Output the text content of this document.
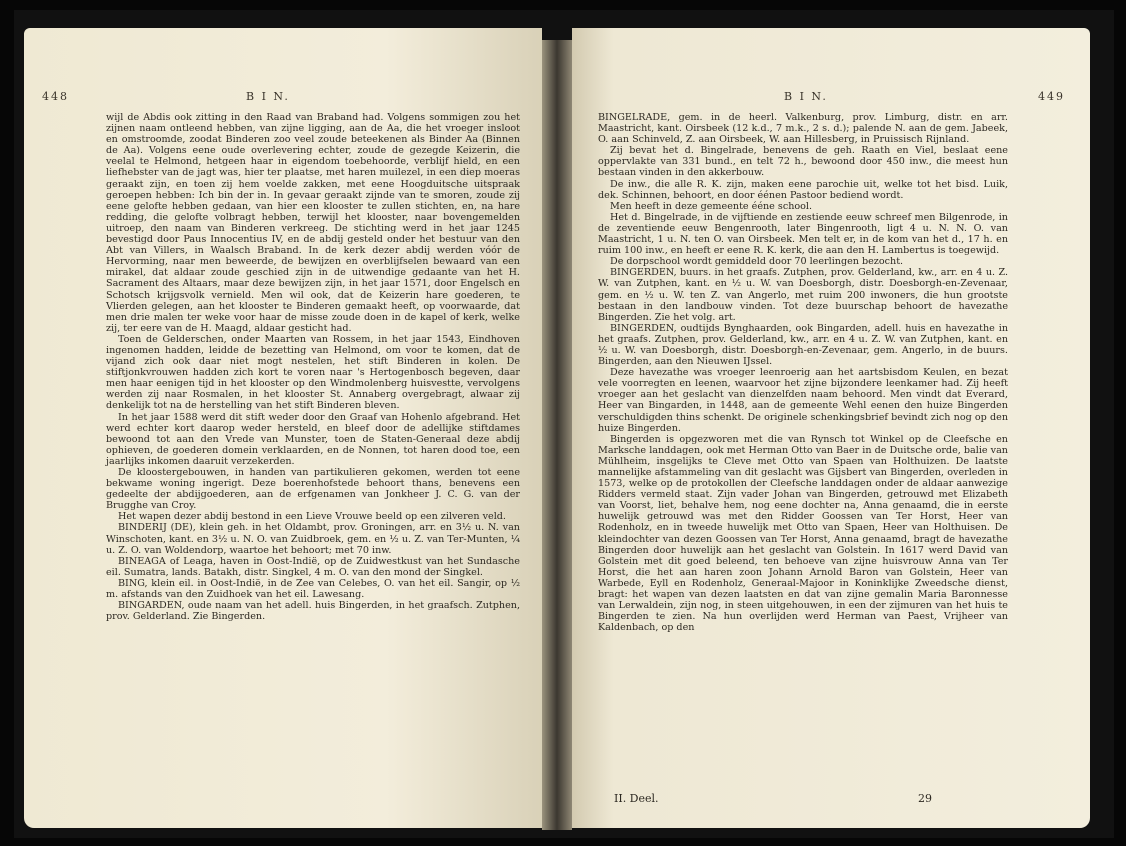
448	B I N.

wijl de Abdis ook zitting in den Raad van Braband had. Volgens sommigen zou het zijnen naam ontleend hebben, van zijne ligging, aan de Aa, die het vroeger insloot en omstroomde, zoodat Binderen zoo veel zoude beteekenen als Binder Aa (Binnen de Aa). Volgens eene oude overlevering echter, zoude de gezegde Keizerin, die veelal te Helmond, hetgeen haar in eigendom toebehoorde, verblijf hield, en een liefhebster van de jagt was, hier ter plaatse, met haren muilezel, in een diep moeras geraakt zijn, en toen zij hem voelde zakken, met eene Hoogduitsche uitspraak geroepen hebben: Ich bin der in. In gevaar geraakt zijnde van te smoren, zoude zij eene gelofte hebben gedaan, van hier een klooster te zullen stichten, en, na hare redding, die gelofte volbragt hebben, terwijl het klooster, naar bovengemelden uitroep, den naam van Binderen verkreeg. De stichting werd in het jaar 1245 bevestigd door Paus Innocentius IV, en de abdij gesteld onder het bestuur van den Abt van Villers, in Waalsch Braband. In de kerk dezer abdij werden vóór de Hervorming, naar men beweerde, de bewijzen en overblijfselen bewaard van een mirakel, dat aldaar zoude geschied zijn in de uitwendige gedaante van het H. Sacrament des Altaars, maar deze bewijzen zijn, in het jaar 1571, door Engelsch en Schotsch krijgsvolk vernield. Men wil ook, dat de Keizerin hare goederen, te Vlierden gelegen, aan het klooster te Binderen gemaakt heeft, op voorwaarde, dat men drie malen ter weke voor haar de misse zoude doen in de kapel of kerk, welke zij, ter eere van de H. Maagd, aldaar gesticht had.

Toen de Gelderschen, onder Maarten van Rossem, in het jaar 1543, Eindhoven ingenomen hadden, leidde de bezetting van Helmond, om voor te komen, dat de vijand zich ook daar niet mogt nestelen, het stift Binderen in kolen. De stiftjonkvrouwen hadden zich kort te voren naar 's Hertogenbosch begeven, daar men haar eenigen tijd in het klooster op den Windmolenberg huisvestte, vervolgens werden zij naar Rosmalen, in het klooster St. Annaberg overgebragt, alwaar zij denkelijk tot na de herstelling van het stift Binderen bleven.

In het jaar 1588 werd dit stift weder door den Graaf van Hohenlo afgebrand. Het werd echter kort daarop weder hersteld, en bleef door de adellijke stiftdames bewoond tot aan den Vrede van Munster, toen de Staten-Generaal deze abdij ophieven, de goederen domein verklaarden, en de Nonnen, tot haren dood toe, een jaarlijks inkomen daaruit verzekerden.

De kloostergebouwen, in handen van partikulieren gekomen, werden tot eene bekwame woning ingerigt. Deze boerenhofstede behoort thans, benevens een gedeelte der abdijgoederen, aan de erfgenamen van Jonkheer J. C. G. van der Brugghe van Croy.

Het wapen dezer abdij bestond in een Lieve Vrouwe beeld op een zilveren veld.

BINDERIJ (DE), klein geh. in het Oldambt, prov. Groningen, arr. en 3½ u. N. van Winschoten, kant. en 3½ u. N. O. van Zuidbroek, gem. en ½ u. Z. van Ter-Munten, ¼ u. Z. O. van Woldendorp, waartoe het behoort; met 70 inw.

BINEAGA of Leaga, haven in Oost-Indië, op de Zuidwestkust van het Sundasche eil. Sumatra, lands. Batakh, distr. Singkel, 4 m. O. van den mond der Singkel.

BING, klein eil. in Oost-Indië, in de Zee van Celebes, O. van het eil. Sangir, op ½ m. afstands van den Zuidhoek van het eil. Lawesang.

BINGARDEN, oude naam van het adell. huis Bingerden, in het graafsch. Zutphen, prov. Gelderland. Zie Bingerden.

B I N.	449

BINGELRADE, gem. in de heerl. Valkenburg, prov. Limburg, distr. en arr. Maastricht, kant. Oirsbeek (12 k.d., 7 m.k., 2 s. d.); palende N. aan de gem. Jabeek, O. aan Schinveld, Z. aan Oirsbeek, W. aan Hillesberg, in Pruissisch Rijnland.

Zij bevat het d. Bingelrade, benevens de geh. Raath en Viel, beslaat eene oppervlakte van 331 bund., en telt 72 h., bewoond door 450 inw., die meest hun bestaan vinden in den akkerbouw.

De inw., die alle R. K. zijn, maken eene parochie uit, welke tot het bisd. Luik, dek. Schinnen, behoort, en door éénen Pastoor bediend wordt.

Men heeft in deze gemeente ééne school.

Het d. Bingelrade, in de vijftiende en zestiende eeuw schreef men Bilgenrode, in de zeventiende eeuw Bengenrooth, later Bingenrooth, ligt 4 u. N. N. O. van Maastricht, 1 u. N. ten O. van Oirsbeek. Men telt er, in de kom van het d., 17 h. en ruim 100 inw., en heeft er eene R. K. kerk, die aan den H. Lambertus is toegewijd.

De dorpschool wordt gemiddeld door 70 leerlingen bezocht.

BINGERDEN, buurs. in het graafs. Zutphen, prov. Gelderland, kw., arr. en 4 u. Z. W. van Zutphen, kant. en ½ u. W. van Doesborgh, distr. Doesborgh-en-Zevenaar, gem. en ½ u. W. ten Z. van Angerlo, met ruim 200 inwoners, die hun grootste bestaan in den landbouw vinden. Tot deze buurschap behoort de havezathe Bingerden. Zie het volg. art.

BINGERDEN, oudtijds Bynghaarden, ook Bingarden, adell. huis en havezathe in het graafs. Zutphen, prov. Gelderland, kw., arr. en 4 u. Z. W. van Zutphen, kant. en ½ u. W. van Doesborgh, distr. Doesborgh-en-Zevenaar, gem. Angerlo, in de buurs. Bingerden, aan den Nieuwen IJssel.

Deze havezathe was vroeger leenroerig aan het aartsbisdom Keulen, en bezat vele voorregten en leenen, waarvoor het zijne bijzondere leenkamer had. Zij heeft vroeger aan het geslacht van dienzelfden naam behoord. Men vindt dat Everard, Heer van Bingarden, in 1448, aan de gemeente Wehl eenen den huize Bingerden verschuldigden thins schenkt. De originele schenkingsbrief bevindt zich nog op den huize Bingerden.

Bingerden is opgezworen met die van Rynsch tot Winkel op de Cleefsche en Marksche landdagen, ook met Herman Otto van Baer in de Duitsche orde, balie van Mühlheim, insgelijks te Cleve met Otto van Spaen van Holthuizen. De laatste mannelijke afstammeling van dit geslacht was Gijsbert van Bingerden, overleden in 1573, welke op de protokollen der Cleefsche landdagen onder de aldaar aanwezige Ridders vermeld staat. Zijn vader Johan van Bingerden, getrouwd met Elizabeth van Voorst, liet, behalve hem, nog eene dochter na, Anna genaamd, die in eerste huwelijk getrouwd was met den Ridder Goossen van Ter Horst, Heer van Rodenholz, en in tweede huwelijk met Otto van Spaen, Heer van Holthuisen. De kleindochter van dezen Goossen van Ter Horst, Anna genaamd, bragt de havezathe Bingerden door huwelijk aan het geslacht van Golstein. In 1617 werd David van Golstein met dit goed beleend, ten behoeve van zijne huisvrouw Anna van Ter Horst, die het aan haren zoon Johann Arnold Baron van Golstein, Heer van Warbede, Eyll en Rodenholz, Generaal-Majoor in Koninklijke Zweedsche dienst, bragt: het wapen van dezen laatsten en dat van zijne gemalin Maria Baronnesse van Lerwaldein, zijn nog, in steen uitgehouwen, in een der zijmuren van het huis te Bingerden te zien. Na hun overlijden werd Herman van Paest, Vrijheer van Kaldenbach, op den

II. Deel.	29
